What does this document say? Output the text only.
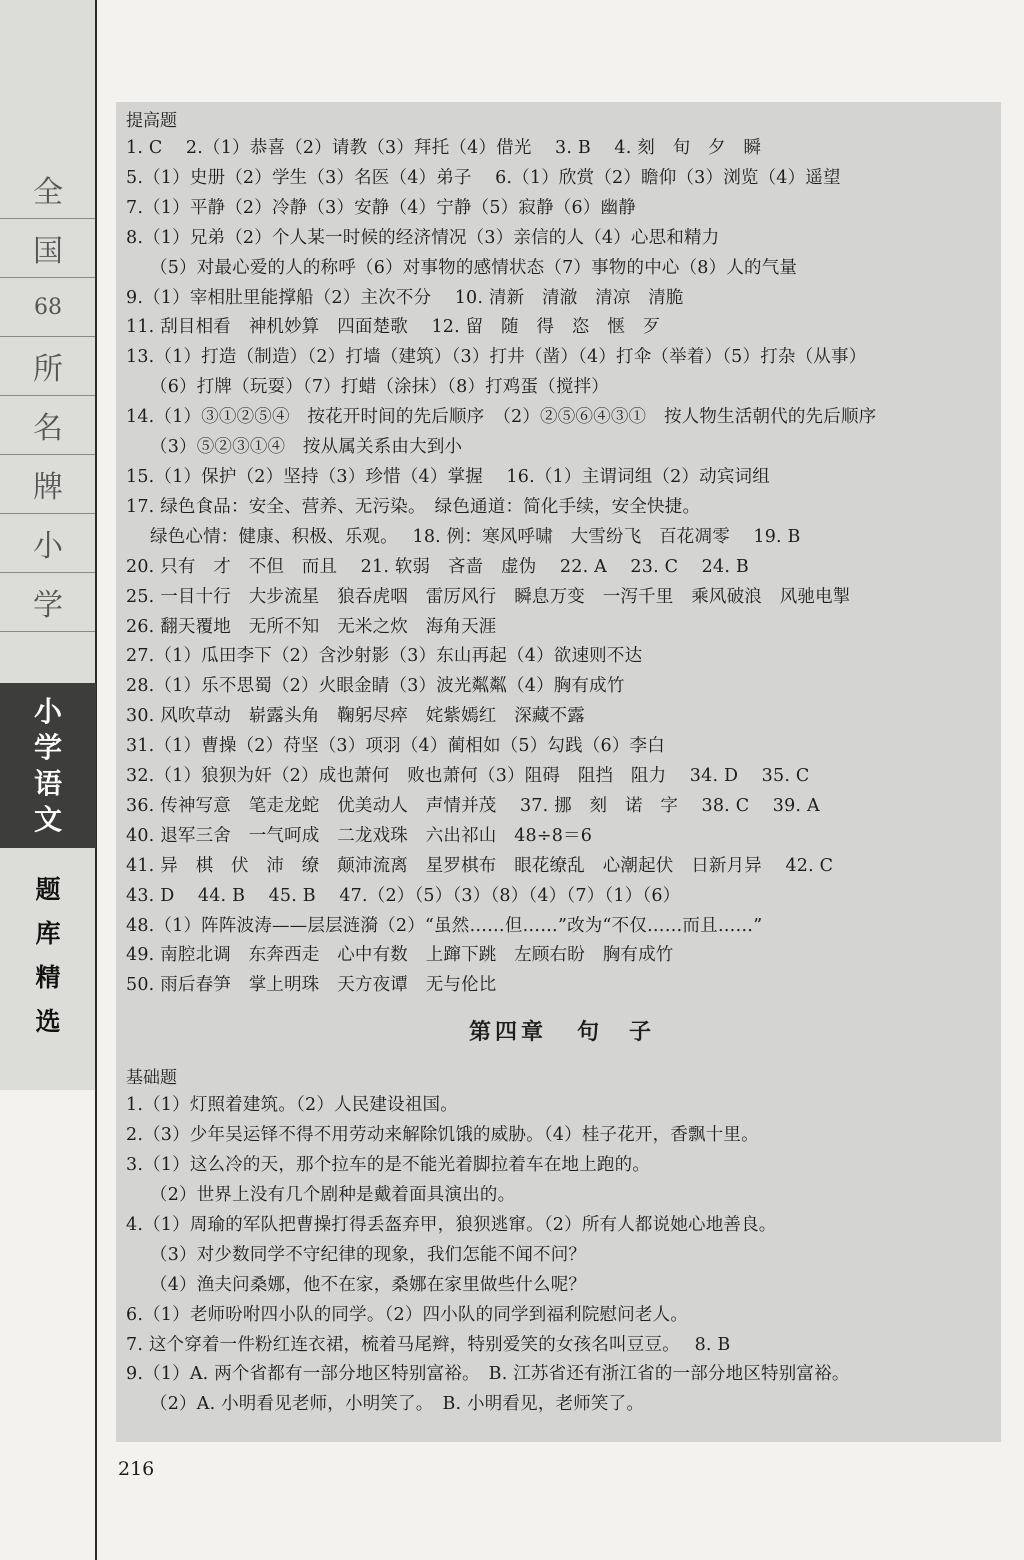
全
国
68
所
名
牌
小
学
小
学
语
文
题
库
精
选
提高题
1. C　 2.（1）恭喜（2）请教（3）拜托（4）借光　 3. B　 4. 刻　旬　夕　瞬
5.（1）史册（2）学生（3）名医（4）弟子　 6.（1）欣赏（2）瞻仰（3）浏览（4）遥望
7.（1）平静（2）冷静（3）安静（4）宁静（5）寂静（6）幽静
8.（1）兄弟（2）个人某一时候的经济情况（3）亲信的人（4）心思和精力
（5）对最心爱的人的称呼（6）对事物的感情状态（7）事物的中心（8）人的气量
9.（1）宰相肚里能撑船（2）主次不分　 10. 清新　清澈　清凉　清脆
11. 刮目相看　神机妙算　四面楚歌　 12. 留　随　得　恣　惬　歹
13.（1）打造（制造）（2）打墙（建筑）（3）打井（凿）（4）打伞（举着）（5）打杂（从事）
（6）打牌（玩耍）（7）打蜡（涂抹）（8）打鸡蛋（搅拌）
14.（1）③①②⑤④　按花开时间的先后顺序　（2）②⑤⑥④③①　按人物生活朝代的先后顺序
（3）⑤②③①④　按从属关系由大到小
15.（1）保护（2）坚持（3）珍惜（4）掌握　 16.（1）主谓词组（2）动宾词组
17. 绿色食品：安全、营养、无污染。　绿色通道：简化手续，安全快捷。
绿色心情：健康、积极、乐观。　 18. 例：寒风呼啸　大雪纷飞　百花凋零　 19. B
20. 只有　才　不但　而且　 21. 软弱　吝啬　虚伪　 22. A　 23. C　 24. B
25. 一目十行　大步流星　狼吞虎咽　雷厉风行　瞬息万变　一泻千里　乘风破浪　风驰电掣
26. 翻天覆地　无所不知　无米之炊　海角天涯
27.（1）瓜田李下（2）含沙射影（3）东山再起（4）欲速则不达
28.（1）乐不思蜀（2）火眼金睛（3）波光粼粼（4）胸有成竹
30. 风吹草动　崭露头角　鞠躬尽瘁　姹紫嫣红　深藏不露
31.（1）曹操（2）苻坚（3）项羽（4）蔺相如（5）勾践（6）李白
32.（1）狼狈为奸（2）成也萧何　败也萧何（3）阻碍　阻挡　阻力　 34. D　 35. C
36. 传神写意　笔走龙蛇　优美动人　声情并茂　 37. 挪　刻　诺　字　 38. C　 39. A
40. 退军三舍　一气呵成　二龙戏珠　六出祁山　48÷8＝6
41. 异　棋　伏　沛　缭　颠沛流离　星罗棋布　眼花缭乱　心潮起伏　日新月异　 42. C
43. D　 44. B　 45. B　 47.（2）（5）（3）（8）（4）（7）（1）（6）
48.（1）阵阵波涛——层层涟漪（2）“虽然……但……”改为“不仅……而且……”
49. 南腔北调　东奔西走　心中有数　上蹿下跳　左顾右盼　胸有成竹
50. 雨后春笋　掌上明珠　天方夜谭　无与伦比
第四章 句　子
基础题
1.（1）灯照着建筑。（2）人民建设祖国。
2.（3）少年吴运铎不得不用劳动来解除饥饿的威胁。（4）桂子花开，香飘十里。
3.（1）这么冷的天，那个拉车的是不能光着脚拉着车在地上跑的。
（2）世界上没有几个剧种是戴着面具演出的。
4.（1）周瑜的军队把曹操打得丢盔弃甲，狼狈逃窜。（2）所有人都说她心地善良。
（3）对少数同学不守纪律的现象，我们怎能不闻不问？
（4）渔夫问桑娜，他不在家，桑娜在家里做些什么呢？
6.（1）老师吩咐四小队的同学。（2）四小队的同学到福利院慰问老人。
7. 这个穿着一件粉红连衣裙，梳着马尾辫，特别爱笑的女孩名叫豆豆。　 8. B
9.（1）A. 两个省都有一部分地区特别富裕。　B. 江苏省还有浙江省的一部分地区特别富裕。
（2）A. 小明看见老师，小明笑了。　B. 小明看见，老师笑了。
216
